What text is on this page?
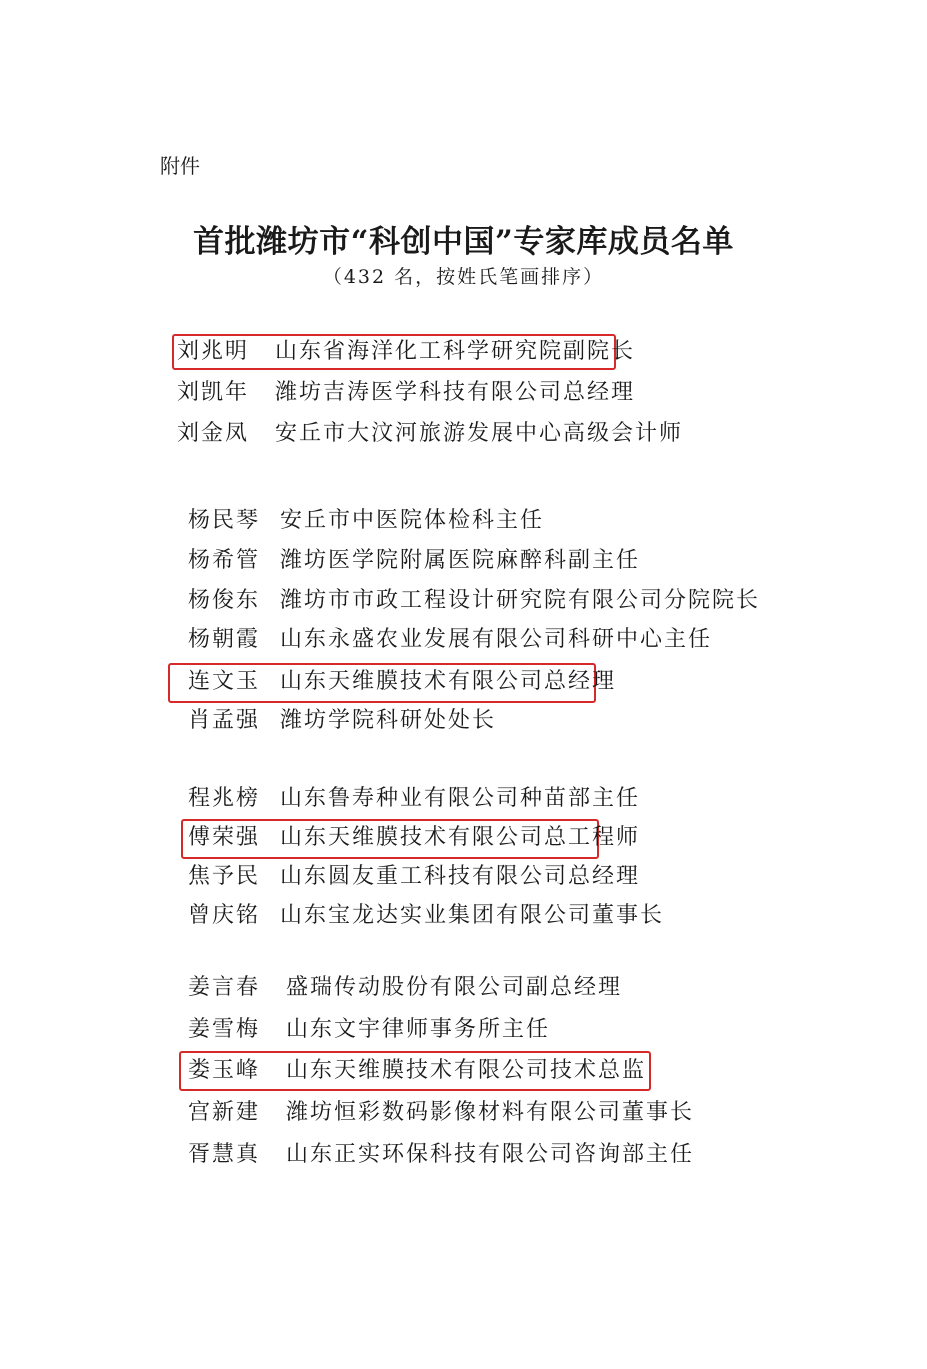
附件
首批潍坊市“科创中国”专家库成员名单
（432 名，按姓氏笔画排序）
刘兆明 山东省海洋化工科学研究院副院长
刘凯年 潍坊吉涛医学科技有限公司总经理
刘金凤 安丘市大汶河旅游发展中心高级会计师
杨民琴 安丘市中医院体检科主任
杨希管 潍坊医学院附属医院麻醉科副主任
杨俊东 潍坊市市政工程设计研究院有限公司分院院长
杨朝霞 山东永盛农业发展有限公司科研中心主任
连文玉 山东天维膜技术有限公司总经理
肖孟强 潍坊学院科研处处长
程兆榜 山东鲁寿种业有限公司种苗部主任
傅荣强 山东天维膜技术有限公司总工程师
焦予民 山东圆友重工科技有限公司总经理
曾庆铭 山东宝龙达实业集团有限公司董事长
姜言春 盛瑞传动股份有限公司副总经理
姜雪梅 山东文宇律师事务所主任
娄玉峰 山东天维膜技术有限公司技术总监
宫新建 潍坊恒彩数码影像材料有限公司董事长
胥慧真 山东正实环保科技有限公司咨询部主任
